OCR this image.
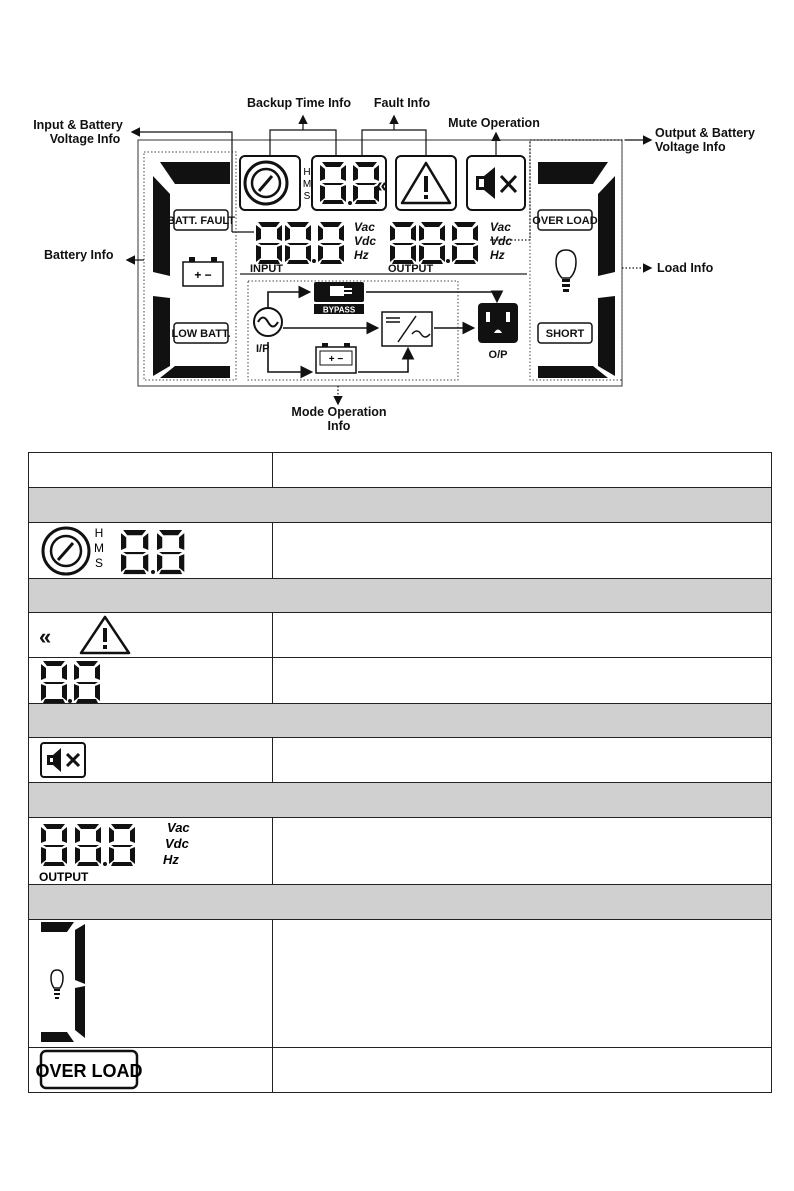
BATT. FAULT
LOW BATT.
+ −
OVER LOAD
SHORT
H
M
S	«
Vac
Vdc
Hz
INPUT
Vac
Vdc
Hz
OUTPUT
I/P
BYPASS
+ −	O/P
Backup Time Info Fault Info
Mute Operation
Input & Battery
Voltage Info	Output & Battery
Voltage Info
Battery Info
Load Info
Mode Operation
Info

H
M
S	

«	

Vac
Vdc
Hz
OUTPUT	

OVER LOAD	
